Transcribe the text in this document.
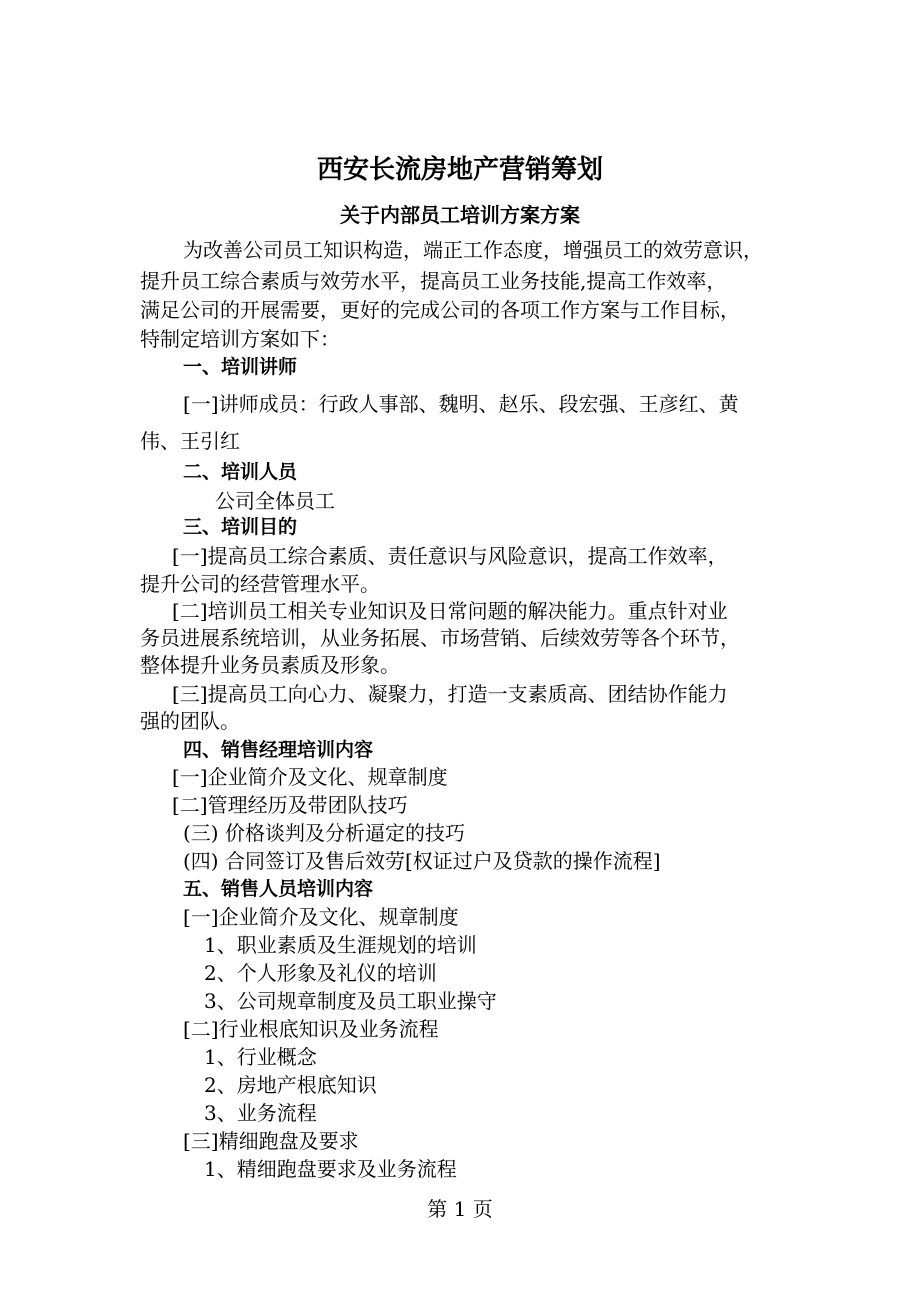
西安长流房地产营销筹划
关于内部员工培训方案方案
为改善公司员工知识构造，端正工作态度，增强员工的效劳意识，
提升员工综合素质与效劳水平，提高员工业务技能,提高工作效率，
满足公司的开展需要，更好的完成公司的各项工作方案与工作目标，
特制定培训方案如下：
一、培训讲师
[一]讲师成员：行政人事部、魏明、赵乐、段宏强、王彦红、黄
伟、王引红
二、培训人员
公司全体员工
三、培训目的
[一]提高员工综合素质、责任意识与风险意识，提高工作效率，
提升公司的经营管理水平。
[二]培训员工相关专业知识及日常问题的解决能力。重点针对业
务员进展系统培训，从业务拓展、市场营销、后续效劳等各个环节，
整体提升业务员素质及形象。
[三]提高员工向心力、凝聚力，打造一支素质高、团结协作能力
强的团队。
四、销售经理培训内容
[一]企业简介及文化、规章制度
[二]管理经历及带团队技巧
(三) 价格谈判及分析逼定的技巧
(四) 合同签订及售后效劳[权证过户及贷款的操作流程]
五、销售人员培训内容
[一]企业简介及文化、规章制度
1、职业素质及生涯规划的培训
2、个人形象及礼仪的培训
3、公司规章制度及员工职业操守
[二]行业根底知识及业务流程
1、行业概念
2、房地产根底知识
3、业务流程
[三]精细跑盘及要求
1、精细跑盘要求及业务流程
第 1 页
